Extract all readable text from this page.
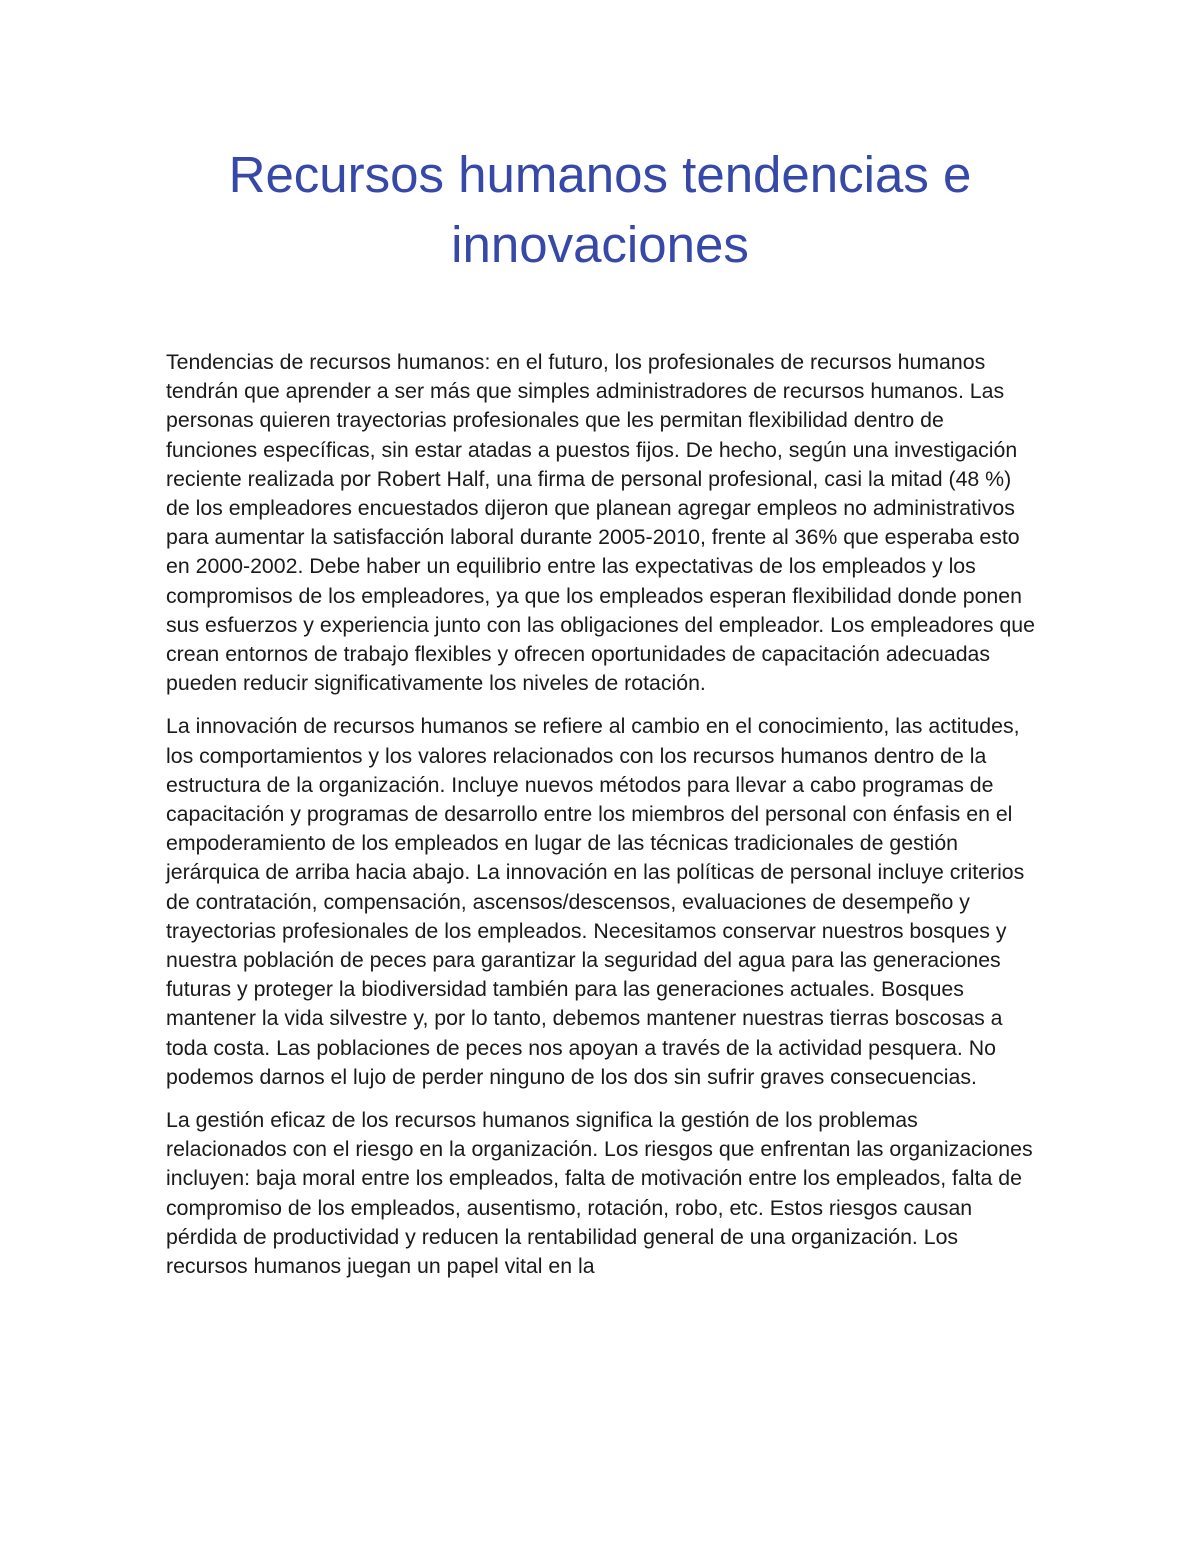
Recursos humanos tendencias e innovaciones

Tendencias de recursos humanos: en el futuro, los profesionales de recursos humanos tendrán que aprender a ser más que simples administradores de recursos humanos. Las personas quieren trayectorias profesionales que les permitan flexibilidad dentro de funciones específicas, sin estar atadas a puestos fijos. De hecho, según una investigación reciente realizada por Robert Half, una firma de personal profesional, casi la mitad (48 %) de los empleadores encuestados dijeron que planean agregar empleos no administrativos para aumentar la satisfacción laboral durante 2005-2010, frente al 36% que esperaba esto en 2000-2002. Debe haber un equilibrio entre las expectativas de los empleados y los compromisos de los empleadores, ya que los empleados esperan flexibilidad donde ponen sus esfuerzos y experiencia junto con las obligaciones del empleador. Los empleadores que crean entornos de trabajo flexibles y ofrecen oportunidades de capacitación adecuadas pueden reducir significativamente los niveles de rotación.

La innovación de recursos humanos se refiere al cambio en el conocimiento, las actitudes, los comportamientos y los valores relacionados con los recursos humanos dentro de la estructura de la organización. Incluye nuevos métodos para llevar a cabo programas de capacitación y programas de desarrollo entre los miembros del personal con énfasis en el empoderamiento de los empleados en lugar de las técnicas tradicionales de gestión jerárquica de arriba hacia abajo. La innovación en las políticas de personal incluye criterios de contratación, compensación, ascensos/descensos, evaluaciones de desempeño y trayectorias profesionales de los empleados. Necesitamos conservar nuestros bosques y nuestra población de peces para garantizar la seguridad del agua para las generaciones futuras y proteger la biodiversidad también para las generaciones actuales. Bosques mantener la vida silvestre y, por lo tanto, debemos mantener nuestras tierras boscosas a toda costa. Las poblaciones de peces nos apoyan a través de la actividad pesquera. No podemos darnos el lujo de perder ninguno de los dos sin sufrir graves consecuencias.

La gestión eficaz de los recursos humanos significa la gestión de los problemas relacionados con el riesgo en la organización. Los riesgos que enfrentan las organizaciones incluyen: baja moral entre los empleados, falta de motivación entre los empleados, falta de compromiso de los empleados, ausentismo, rotación, robo, etc. Estos riesgos causan pérdida de productividad y reducen la rentabilidad general de una organización. Los recursos humanos juegan un papel vital en la
